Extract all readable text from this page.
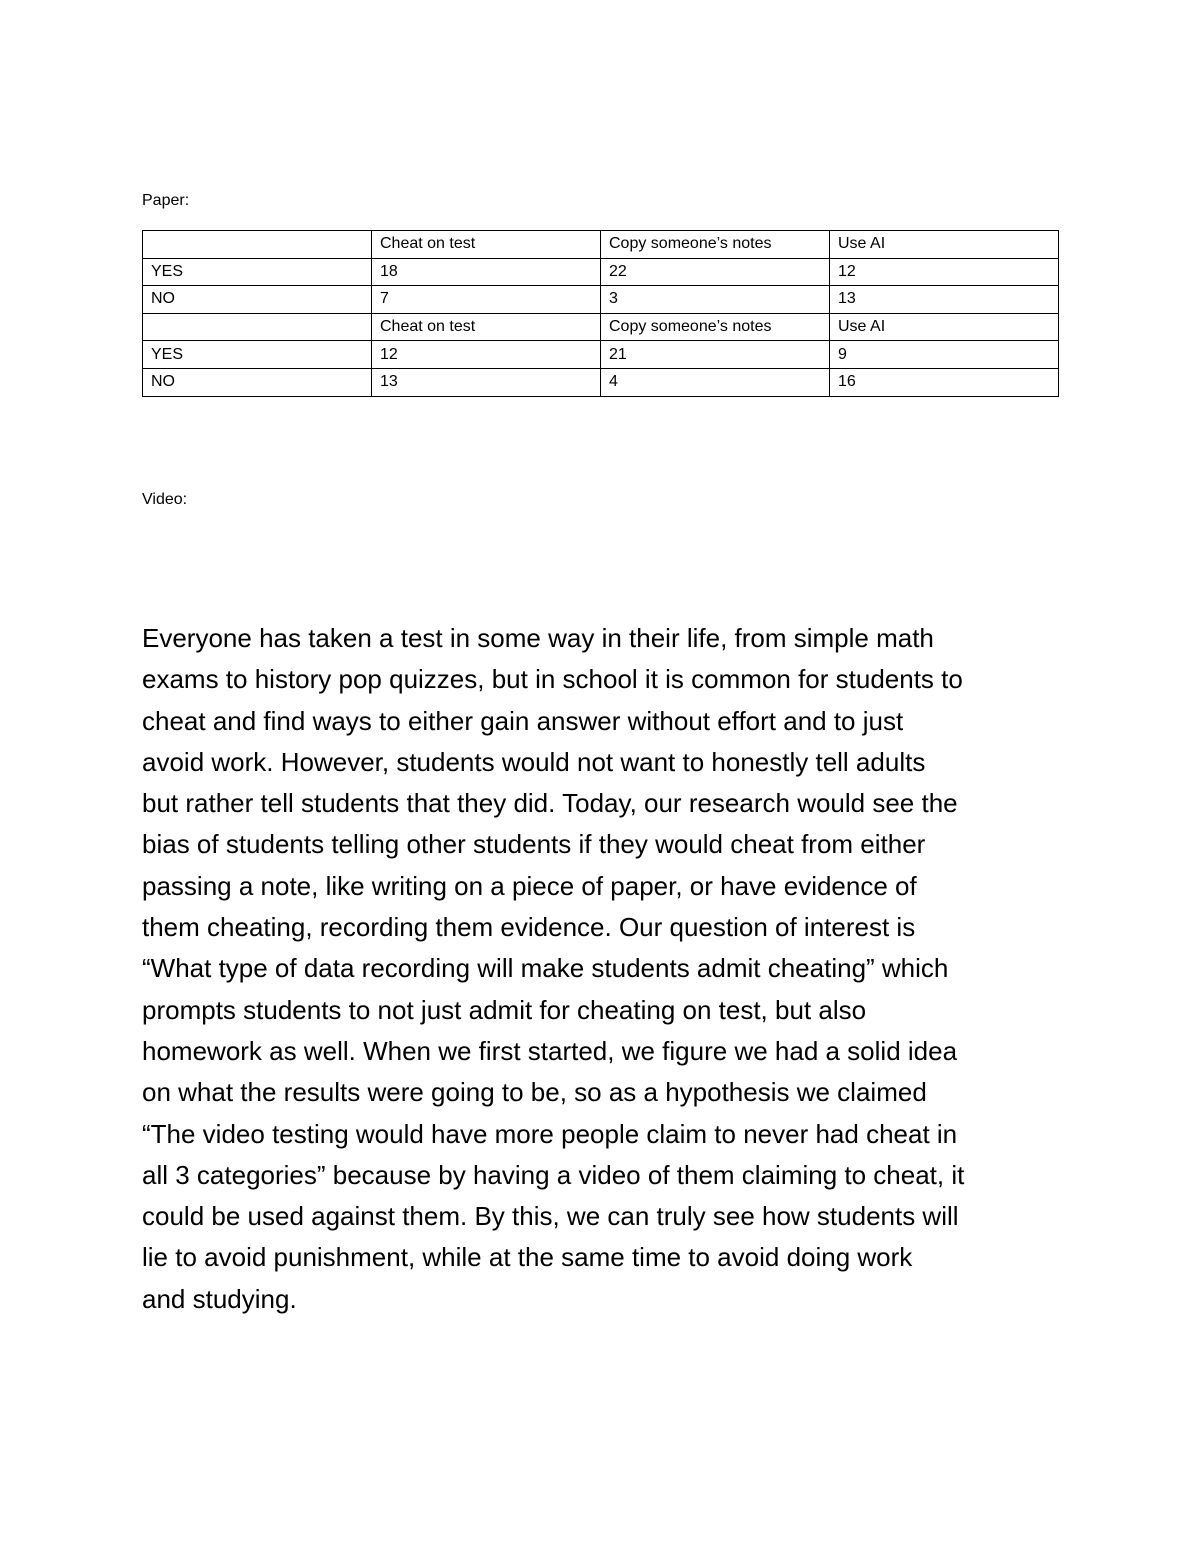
Paper:
	Cheat on test	Copy someone’s notes	Use AI
YES	18	22	12
NO	7	3	13
	Cheat on test	Copy someone’s notes	Use AI
YES	12	21	9
NO	13	4	16
Video:

Everyone has taken a test in some way in their life, from simple math
exams to history pop quizzes, but in school it is common for students to
cheat and find ways to either gain answer without effort and to just
avoid work. However, students would not want to honestly tell adults
but rather tell students that they did. Today, our research would see the
bias of students telling other students if they would cheat from either
passing a note, like writing on a piece of paper, or have evidence of
them cheating, recording them evidence. Our question of interest is
“What type of data recording will make students admit cheating” which
prompts students to not just admit for cheating on test, but also
homework as well. When we first started, we figure we had a solid idea
on what the results were going to be, so as a hypothesis we claimed
“The video testing would have more people claim to never had cheat in
all 3 categories” because by having a video of them claiming to cheat, it
could be used against them. By this, we can truly see how students will
lie to avoid punishment, while at the same time to avoid doing work
and studying.
